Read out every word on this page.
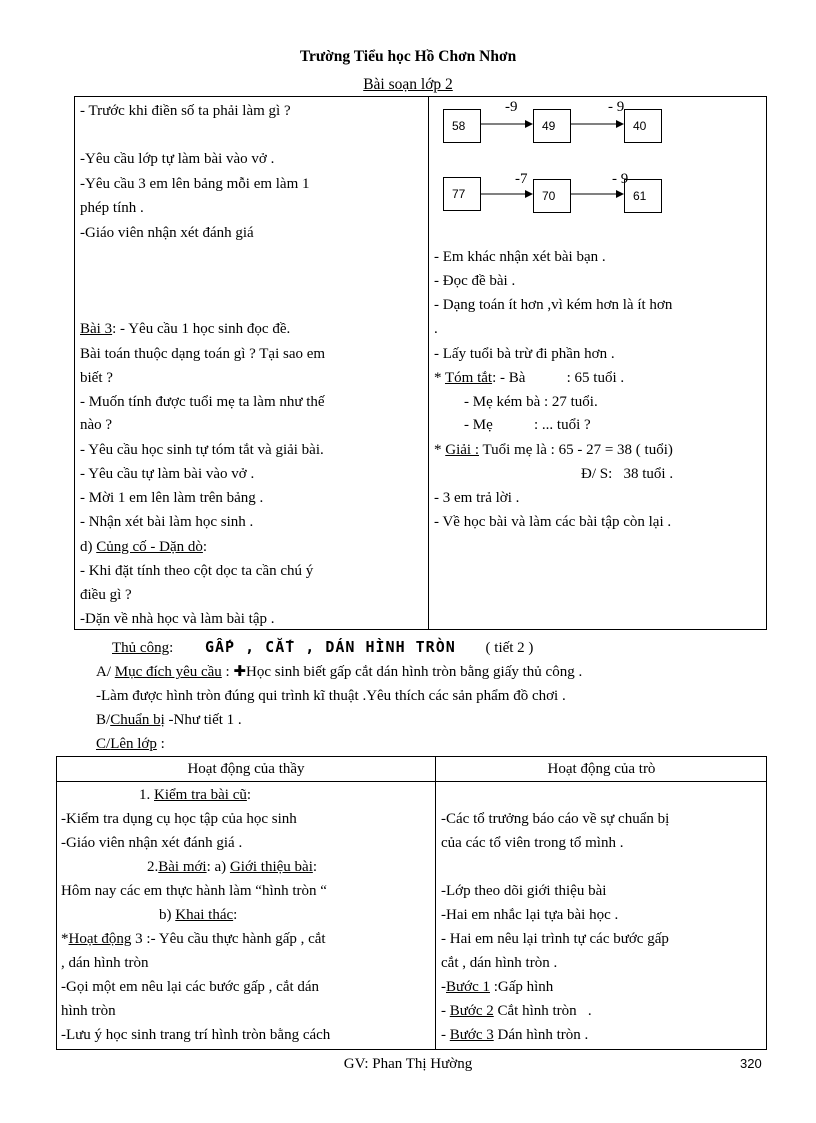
Trường Tiểu học Hồ Chơn Nhơn
Bài soạn lớp 2
- Trước khi điền số ta phải làm gì ?
-Yêu cầu lớp tự làm bài vào vở .
-Yêu cầu 3 em lên bảng mỗi em làm 1
phép tính .
-Giáo viên nhận xét đánh giá
Bài 3: - Yêu cầu 1 học sinh đọc đề.
Bài toán thuộc dạng toán gì ? Tại sao em
biết ?
- Muốn tính được tuổi mẹ ta làm như thế
nào ?
- Yêu cầu học sinh tự tóm tắt và giải bài.
- Yêu cầu tự làm bài vào vở .
- Mời 1 em lên làm trên bảng .
- Nhận xét bài làm học sinh .
d) Củng cố - Dặn dò:
- Khi đặt tính theo cột dọc ta cần chú ý
điều gì ?
-Dặn về nhà học và làm bài tập .
58
-9
49
- 9
40
77
-7
70
- 9
61
- Em khác nhận xét bài bạn .
- Đọc đề bài .
- Dạng toán ít hơn ,vì kém hơn là ít hơn
.
- Lấy tuổi bà trừ đi phần hơn .
* Tóm tắt: - Bà           : 65 tuổi .
- Mẹ kém bà : 27 tuổi.
- Mẹ           : ... tuổi ?
* Giải : Tuổi mẹ là : 65 - 27 = 38 ( tuổi)
Đ/ S:   38 tuổi .
- 3 em trả lời .
- Về học bài và làm các bài tập còn lại .
Thủ công: GẤP , CẮT , DÁN HÌNH TRÒN ( tiết 2 )
A/ Mục đích yêu cầu : ✚Học sinh biết gấp cắt dán hình tròn bằng giấy thủ công .
-Làm được hình tròn đúng qui trình kĩ thuật .Yêu thích các sản phẩm đồ chơi .
B/Chuẩn bị -Như tiết 1 .
C/Lên lớp :
Hoạt động của thầy	Hoạt động của trò
1. Kiểm tra bài cũ:
-Kiểm tra dụng cụ học tập của học sinh
-Giáo viên nhận xét đánh giá .
2.Bài mới: a) Giới thiệu bài:
Hôm nay các em thực hành làm “hình tròn “
b) Khai thác:
*Hoạt động 3 :- Yêu cầu thực hành gấp , cắt
, dán hình tròn
-Gọi một em nêu lại các bước gấp , cắt dán
hình tròn
-Lưu ý học sinh trang trí hình tròn bằng cách
-Các tổ trưởng báo cáo về sự chuẩn bị
của các tổ viên trong tổ mình .
-Lớp theo dõi giới thiệu bài
-Hai em nhắc lại tựa bài học .
- Hai em nêu lại trình tự các bước gấp
cắt , dán hình tròn .
-Bước 1 :Gấp hình
- Bước 2 Cắt hình tròn   .
- Bước 3 Dán hình tròn .
GV: Phan Thị Hường	320
